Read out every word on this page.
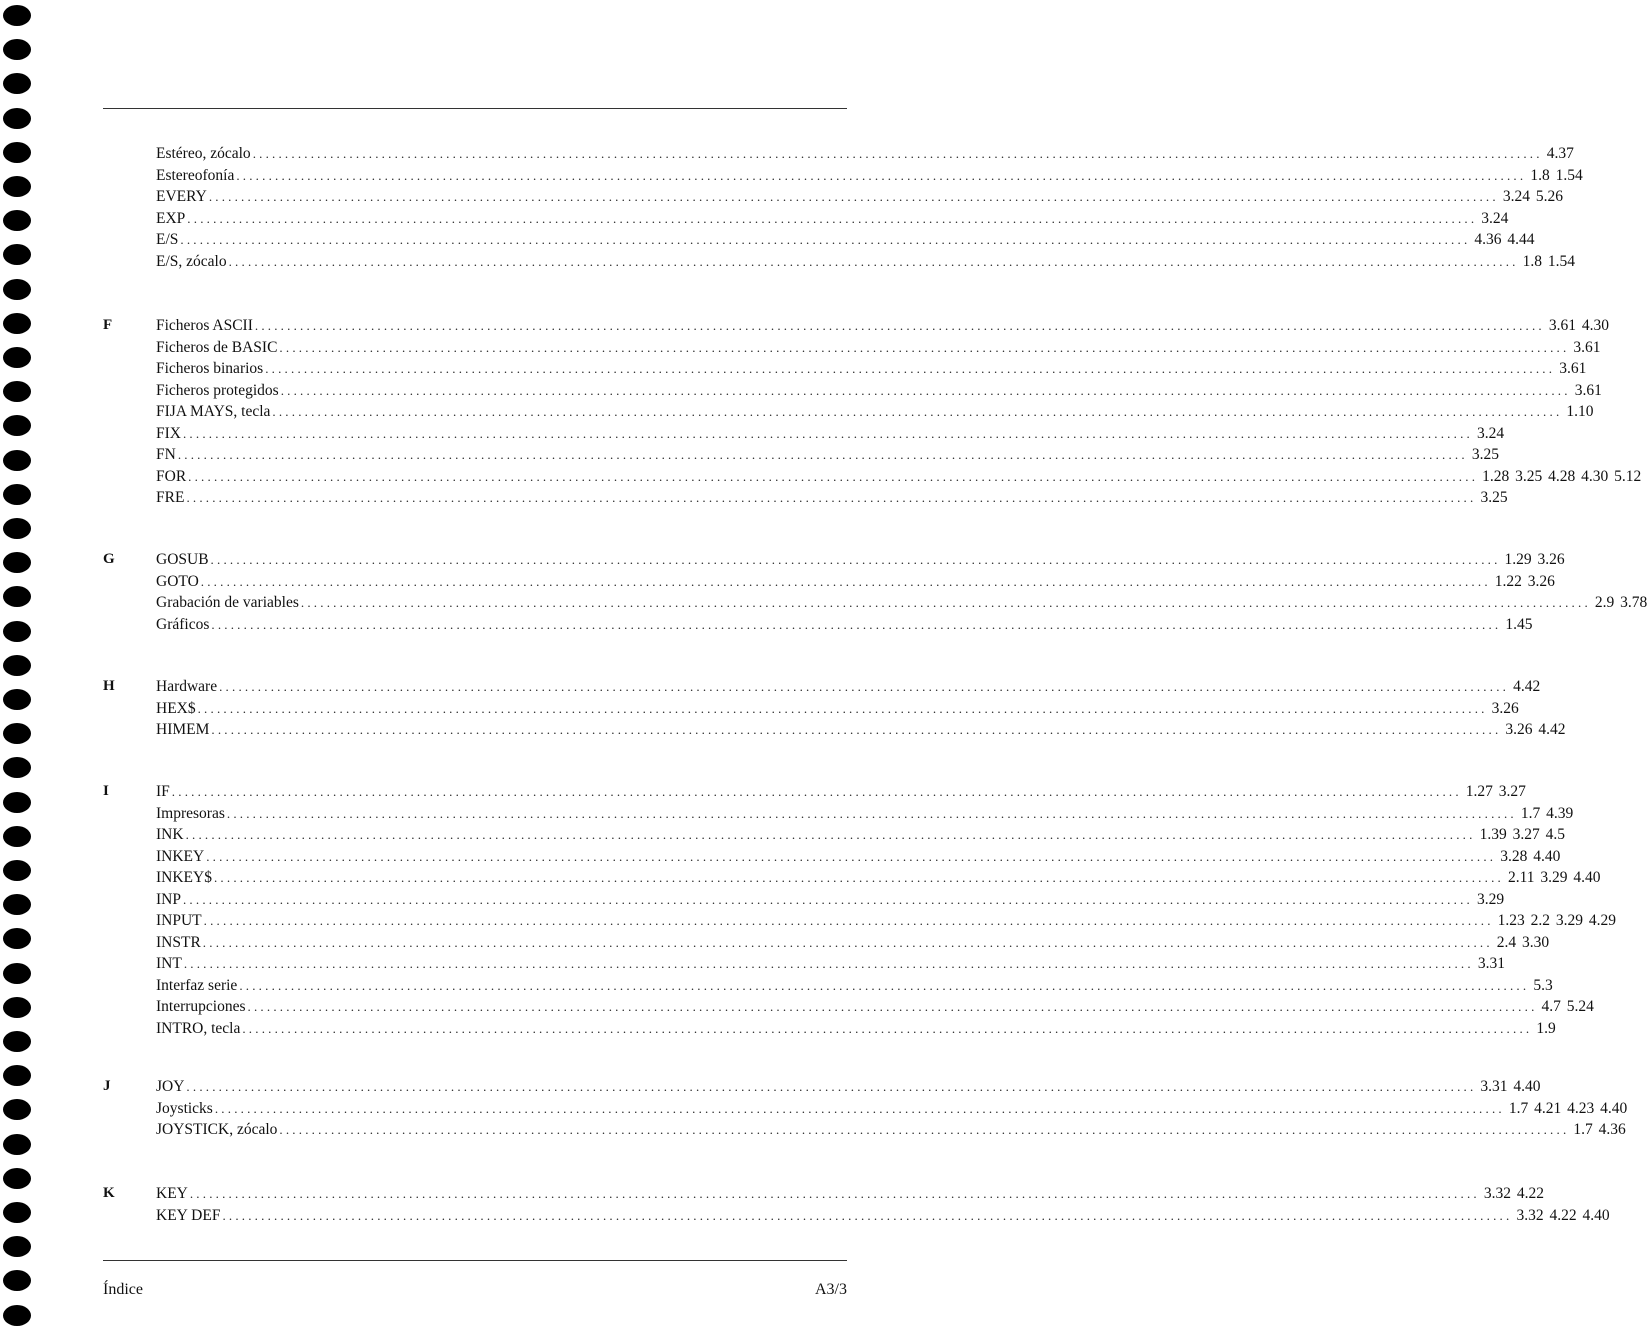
Estéreo, zócalo ........................................................................................................................................................................................................ 4.37
Estereofonía ........................................................................................................................................................................................................ 1.8 1.54
EVERY ........................................................................................................................................................................................................ 3.24 5.26
EXP ........................................................................................................................................................................................................ 3.24
E/S ........................................................................................................................................................................................................ 4.36 4.44
E/S, zócalo ........................................................................................................................................................................................................ 1.8 1.54
F	Ficheros ASCII ........................................................................................................................................................................................................ 3.61 4.30
Ficheros de BASIC ........................................................................................................................................................................................................ 3.61
Ficheros binarios ........................................................................................................................................................................................................ 3.61
Ficheros protegidos ........................................................................................................................................................................................................ 3.61
FIJA MAYS, tecla ........................................................................................................................................................................................................ 1.10
FIX ........................................................................................................................................................................................................ 3.24
FN ........................................................................................................................................................................................................ 3.25
FOR ........................................................................................................................................................................................................ 1.28 3.25 4.28 4.30 5.12
FRE ........................................................................................................................................................................................................ 3.25
G	GOSUB ........................................................................................................................................................................................................ 1.29 3.26
GOTO ........................................................................................................................................................................................................ 1.22 3.26
Grabación de variables ........................................................................................................................................................................................................ 2.9 3.78
Gráficos ........................................................................................................................................................................................................ 1.45
H	Hardware ........................................................................................................................................................................................................ 4.42
HEX$ ........................................................................................................................................................................................................ 3.26
HIMEM ........................................................................................................................................................................................................ 3.26 4.42
I	IF ........................................................................................................................................................................................................ 1.27 3.27
Impresoras ........................................................................................................................................................................................................ 1.7 4.39
INK ........................................................................................................................................................................................................ 1.39 3.27 4.5
INKEY ........................................................................................................................................................................................................ 3.28 4.40
INKEY$ ........................................................................................................................................................................................................ 2.11 3.29 4.40
INP ........................................................................................................................................................................................................ 3.29
INPUT ........................................................................................................................................................................................................ 1.23 2.2 3.29 4.29
INSTR ........................................................................................................................................................................................................ 2.4 3.30
INT ........................................................................................................................................................................................................ 3.31
Interfaz serie ........................................................................................................................................................................................................ 5.3
Interrupciones ........................................................................................................................................................................................................ 4.7 5.24
INTRO, tecla ........................................................................................................................................................................................................ 1.9
J	JOY ........................................................................................................................................................................................................ 3.31 4.40
Joysticks ........................................................................................................................................................................................................ 1.7 4.21 4.23 4.40
JOYSTICK, zócalo ........................................................................................................................................................................................................ 1.7 4.36
K	KEY ........................................................................................................................................................................................................ 3.32 4.22
KEY DEF ........................................................................................................................................................................................................ 3.32 4.22 4.40
Índice	A3/3
